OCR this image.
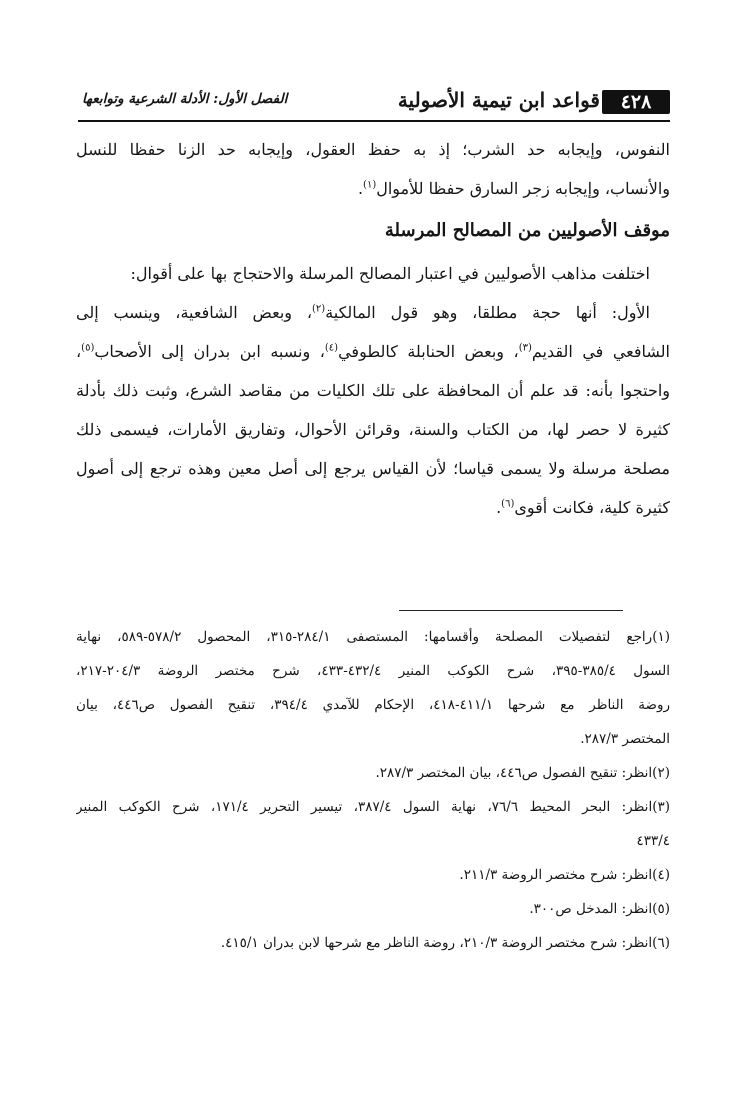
٤٢٨
قواعد ابن تيمية الأصولية
الفصل الأول: الأدلة الشرعية وتوابعها
النفوس، وإيجابه حد الشرب؛ إذ به حفظ العقول، وإيجابه حد الزنا حفظا للنسل
والأنساب، وإيجابه زجر السارق حفظا للأموال$^{(١)}$.
موقف الأصوليين من المصالح المرسلة
اختلفت مذاهب الأصوليين في اعتبار المصالح المرسلة والاحتجاج بها على أقوال:
الأول: أنها حجة مطلقا، وهو قول المالكية$^{(٢)}$، وبعض الشافعية، وينسب إلى
الشافعي في القديم$^{(٣)}$، وبعض الحنابلة كالطوفي$^{(٤)}$، ونسبه ابن بدران إلى الأصحاب$^{(٥)}$،
واحتجوا بأنه: قد علم أن المحافظة على تلك الكليات من مقاصد الشرع، وثبت ذلك بأدلة
كثيرة لا حصر لها، من الكتاب والسنة، وقرائن الأحوال، وتفاريق الأمارات، فيسمى ذلك
مصلحة مرسلة ولا يسمى قياسا؛ لأن القياس يرجع إلى أصل معين وهذه ترجع إلى أصول
كثيرة كلية، فكانت أقوى$^{(٦)}$.
(١)راجع لتفصيلات المصلحة وأقسامها: المستصفى ٢٨٤/١-٣١٥، المحصول ٥٧٨/٢-٥٨٩، نهاية
السول ٣٨٥/٤-٣٩٥، شرح الكوكب المنير ٤٣٢/٤-٤٣٣، شرح مختصر الروضة ٢٠٤/٣-٢١٧،
روضة الناظر مع شرحها ٤١١/١-٤١٨، الإحكام للآمدي ٣٩٤/٤، تنقيح الفصول ص٤٤٦، بيان
المختصر ٢٨٧/٣.
(٢)انظر: تنقيح الفصول ص٤٤٦، بيان المختصر ٢٨٧/٣.
(٣)انظر: البحر المحيط ٧٦/٦، نهاية السول ٣٨٧/٤، تيسير التحرير ١٧١/٤، شرح الكوكب المنير
٤٣٣/٤
(٤)انظر: شرح مختصر الروضة ٢١١/٣.
(٥)انظر: المدخل ص٣٠٠.
(٦)انظر: شرح مختصر الروضة ٢١٠/٣، روضة الناظر مع شرحها لابن بدران ٤١٥/١.
